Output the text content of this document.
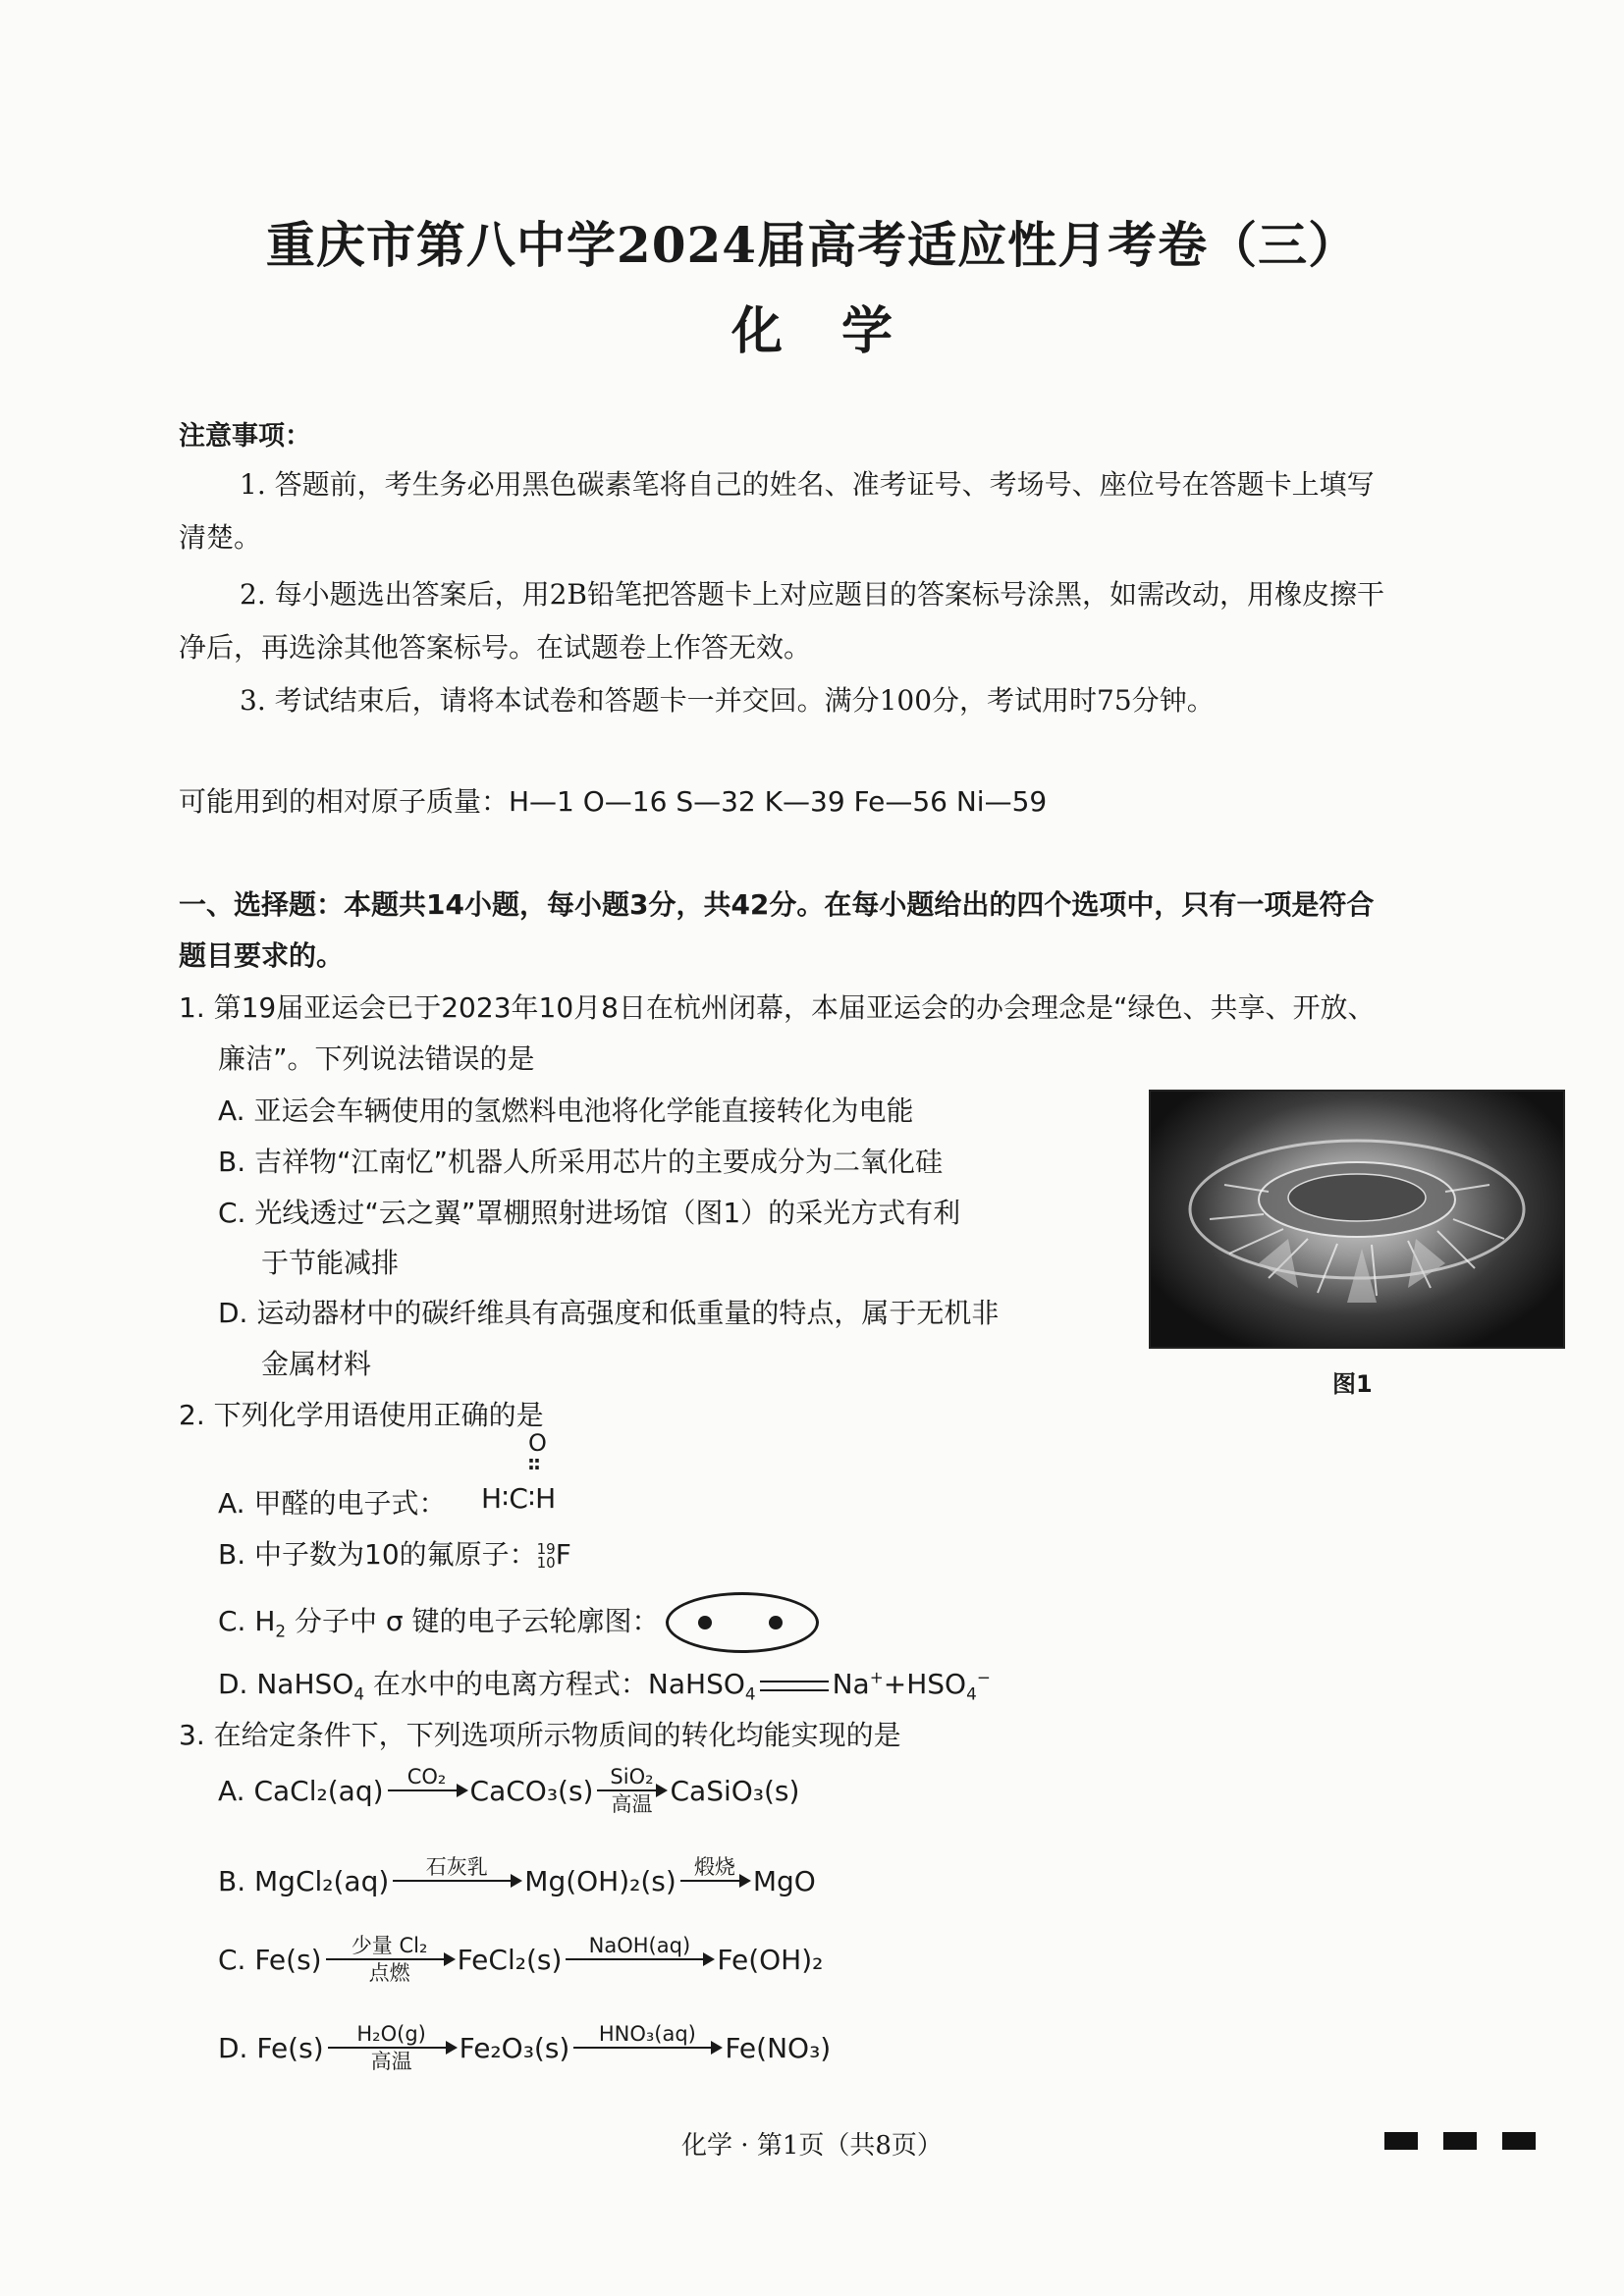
重庆市第八中学2024届高考适应性月考卷（三）
化学
注意事项：
1. 答题前，考生务必用黑色碳素笔将自己的姓名、准考证号、考场号、座位号在答题卡上填写
清楚。
2. 每小题选出答案后，用2B铅笔把答题卡上对应题目的答案标号涂黑，如需改动，用橡皮擦干
净后，再选涂其他答案标号。在试题卷上作答无效。
3. 考试结束后，请将本试卷和答题卡一并交回。满分100分，考试用时75分钟。
可能用到的相对原子质量：H—1 O—16 S—32 K—39 Fe—56 Ni—59
一、选择题：本题共14小题，每小题3分，共42分。在每小题给出的四个选项中，只有一项是符合
题目要求的。
1. 第19届亚运会已于2023年10月8日在杭州闭幕，本届亚运会的办会理念是“绿色、共享、开放、
廉洁”。下列说法错误的是
A. 亚运会车辆使用的氢燃料电池将化学能直接转化为电能
B. 吉祥物“江南忆”机器人所采用芯片的主要成分为二氧化硅
C. 光线透过“云之翼”罩棚照射进场馆（图1）的采光方式有利
于节能减排
D. 运动器材中的碳纤维具有高强度和低重量的特点，属于无机非
金属材料
图1
2. 下列化学用语使用正确的是
A. 甲醛的电子式：
O
::
H∶C∶H
B. 中子数为10的氟原子： 19
10 F
C. $H_2$ 分子中 σ 键的电子云轮廓图：
D. NaHSO$_4$ 在水中的电离方程式：NaHSO$_4$	$Na^++HSO_4^-$
3. 在给定条件下，下列选项所示物质间的转化均能实现的是
A.
CaCl₂(aq)	CO₂ CaCO₃(s) SiO₂
高温 CaSiO₃(s)
B.
MgCl₂(aq)	石灰乳	Mg(OH)₂(s) 煅烧 MgO
C.
Fe(s)	少量 Cl₂
点燃	FeCl₂(s)	NaOH(aq) Fe(OH)₂
D.
Fe(s)	H₂O(g)
高温	Fe₂O₃(s)	HNO₃(aq)	Fe(NO₃)
化学 · 第1页（共8页）
